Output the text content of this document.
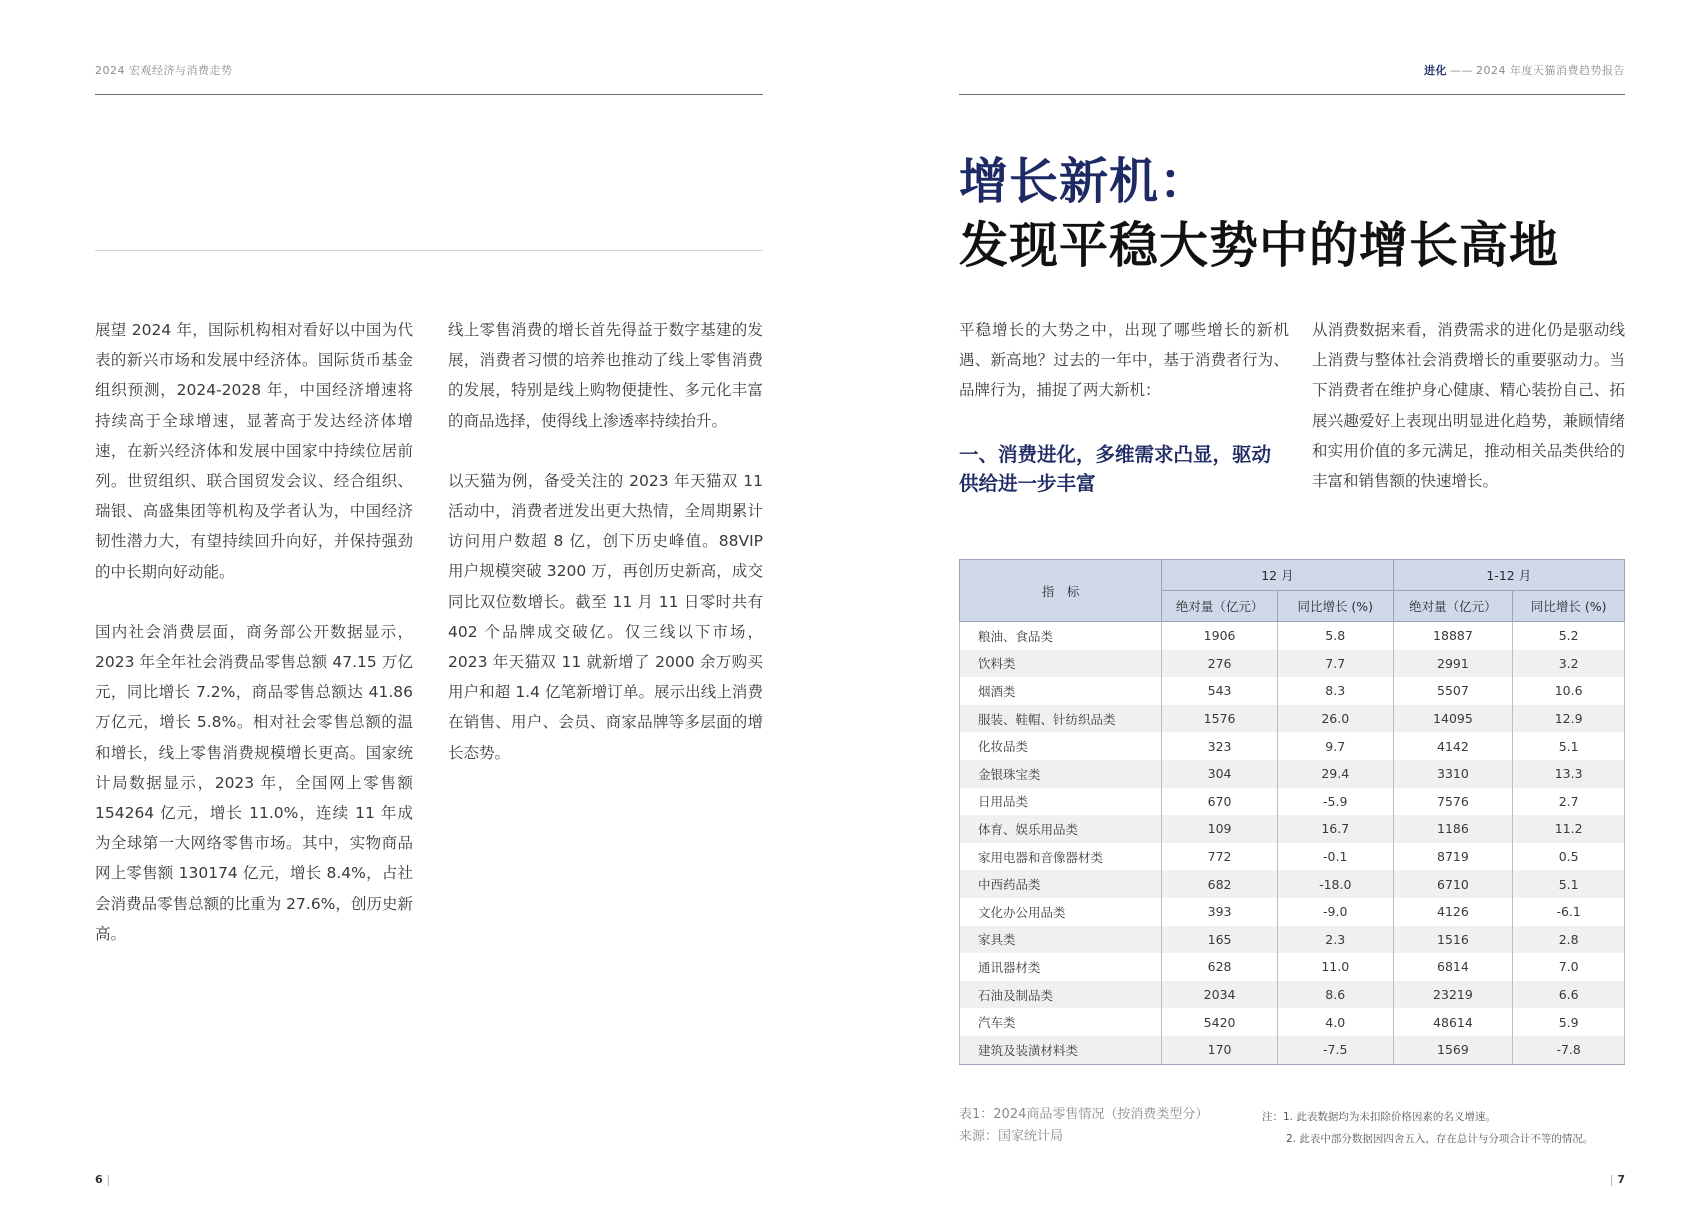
2024 宏观经济与消费走势

展望 2024 年，国际机构相对看好以中国为代表的新兴市场和发展中经济体。国际货币基金组织预测，2024-2028 年，中国经济增速将持续高于全球增速，显著高于发达经济体增速，在新兴经济体和发展中国家中持续位居前列。世贸组织、联合国贸发会议、经合组织、瑞银、高盛集团等机构及学者认为，中国经济韧性潜力大，有望持续回升向好，并保持强劲的中长期向好动能。

国内社会消费层面，商务部公开数据显示，2023 年全年社会消费品零售总额 47.15 万亿元，同比增长 7.2%，商品零售总额达 41.86 万亿元，增长 5.8%。相对社会零售总额的温和增长，线上零售消费规模增长更高。国家统计局数据显示，2023 年，全国网上零售额 154264 亿元，增长 11.0%，连续 11 年成为全球第一大网络零售市场。其中，实物商品网上零售额 130174 亿元，增长 8.4%，占社会消费品零售总额的比重为 27.6%，创历史新高。

线上零售消费的增长首先得益于数字基建的发展，消费者习惯的培养也推动了线上零售消费的发展，特别是线上购物便捷性、多元化丰富的商品选择，使得线上渗透率持续抬升。

以天猫为例，备受关注的 2023 年天猫双 11 活动中，消费者迸发出更大热情，全周期累计访问用户数超 8 亿，创下历史峰值。88VIP 用户规模突破 3200 万，再创历史新高，成交同比双位数增长。截至 11 月 11 日零时共有 402 个品牌成交破亿。仅三线以下市场，2023 年天猫双 11 就新增了 2000 余万购买用户和超 1.4 亿笔新增订单。展示出线上消费在销售、用户、会员、商家品牌等多层面的增长态势。

6 |
进化 —— 2024 年度天猫消费趋势报告
增长新机：
发现平稳大势中的增长高地
平稳增长的大势之中，出现了哪些增长的新机遇、新高地？过去的一年中，基于消费者行为、品牌行为，捕捉了两大新机：
一、消费进化，多维需求凸显，驱动供给进一步丰富
从消费数据来看，消费需求的进化仍是驱动线上消费与整体社会消费增长的重要驱动力。当下消费者在维护身心健康、精心装扮自己、拓展兴趣爱好上表现出明显进化趋势，兼顾情绪和实用价值的多元满足，推动相关品类供给的丰富和销售额的快速增长。
指　标	12 月		1-12 月	
	绝对量（亿元）	同比增长 (%)	绝对量（亿元）	同比增长 (%)
粮油、食品类	1906	5.8	18887	5.2
饮料类	276	7.7	2991	3.2
烟酒类	543	8.3	5507	10.6
服装、鞋帽、针纺织品类	1576	26.0	14095	12.9
化妆品类	323	9.7	4142	5.1
金银珠宝类	304	29.4	3310	13.3
日用品类	670	-5.9	7576	2.7
体育、娱乐用品类	109	16.7	1186	11.2
家用电器和音像器材类	772	-0.1	8719	0.5
中西药品类	682	-18.0	6710	5.1
文化办公用品类	393	-9.0	4126	-6.1
家具类	165	2.3	1516	2.8
通讯器材类	628	11.0	6814	7.0
石油及制品类	2034	8.6	23219	6.6
汽车类	5420	4.0	48614	5.9
建筑及装潢材料类	170	-7.5	1569	-7.8
表1：2024商品零售情况（按消费类型分）
来源：国家统计局
注：1. 此表数据均为未扣除价格因素的名义增速。
2. 此表中部分数据因四舍五入，存在总计与分项合计不等的情况。
| 7
